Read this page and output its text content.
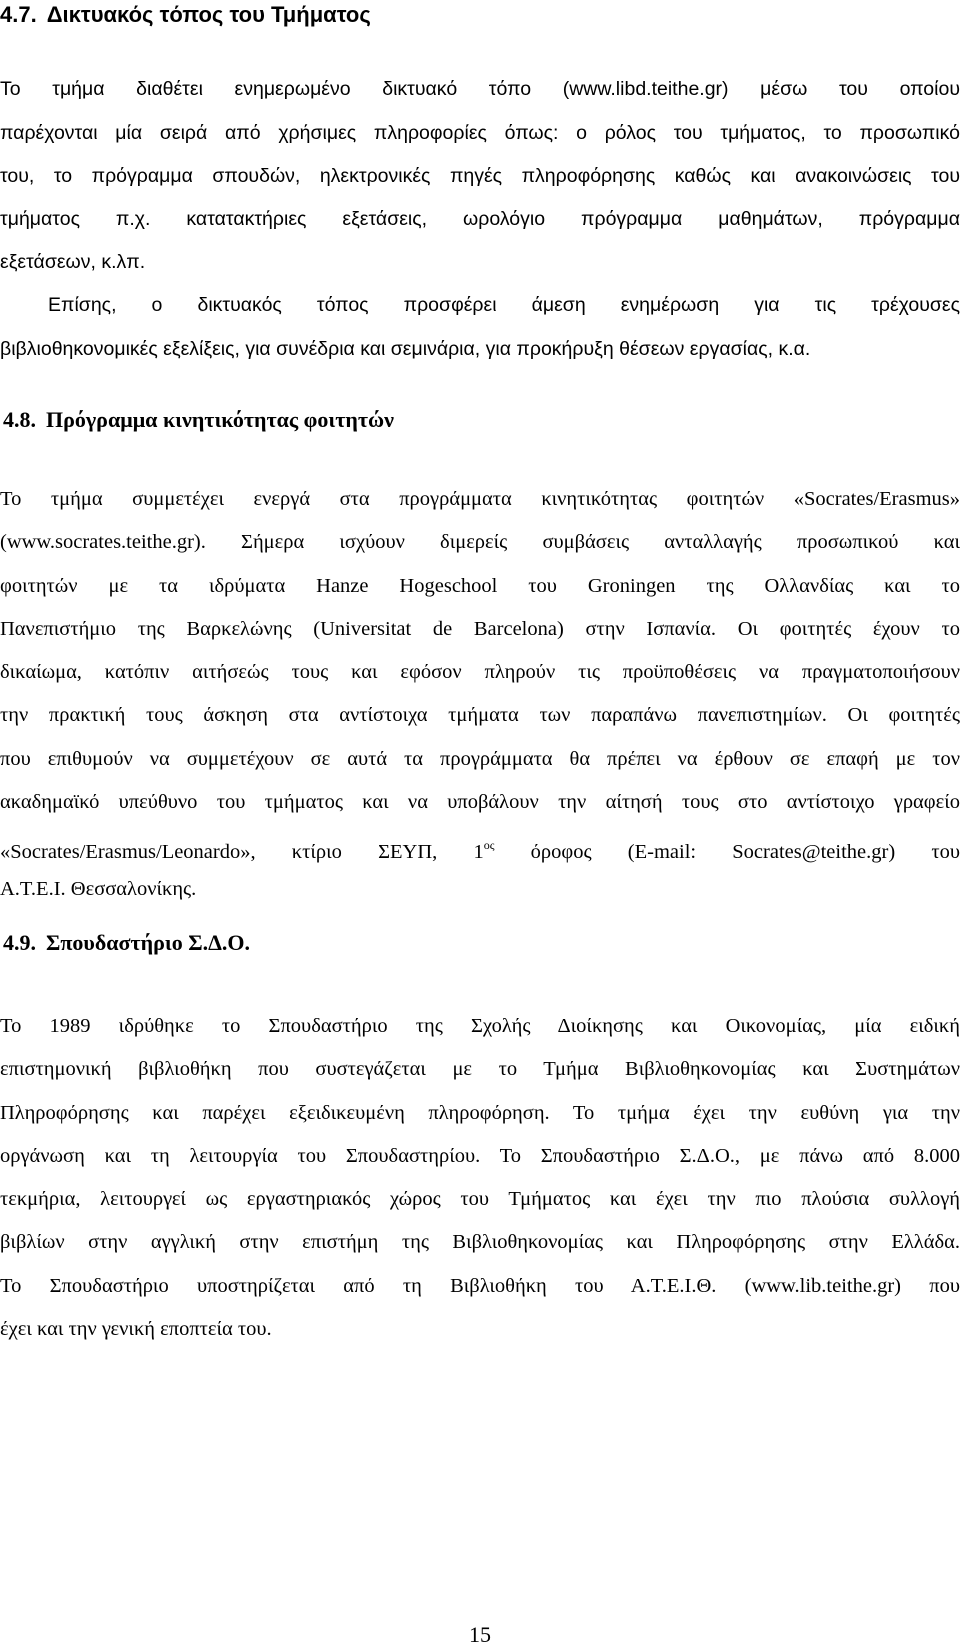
4.7. Δικτυακός τόπος του Τμήματος
Το τμήμα διαθέτει ενημερωμένο δικτυακό τόπο (www.libd.teithe.gr) μέσω του οποίου
παρέχονται μία σειρά από χρήσιμες πληροφορίες όπως: ο ρόλος του τμήματος, το προσωπικό
του, το πρόγραμμα σπουδών, ηλεκτρονικές πηγές πληροφόρησης καθώς και ανακοινώσεις του
τμήματος π.χ. κατατακτήριες εξετάσεις, ωρολόγιο πρόγραμμα μαθημάτων, πρόγραμμα
εξετάσεων, κ.λπ.
Επίσης, ο δικτυακός τόπος προσφέρει άμεση ενημέρωση για τις τρέχουσες
βιβλιοθηκονομικές εξελίξεις, για συνέδρια και σεμινάρια, για προκήρυξη θέσεων εργασίας, κ.α.
4.8. Πρόγραμμα κινητικότητας φοιτητών
Το τμήμα συμμετέχει ενεργά στα προγράμματα κινητικότητας φοιτητών «Socrates/Erasmus»
(www.socrates.teithe.gr). Σήμερα ισχύουν διμερείς συμβάσεις ανταλλαγής προσωπικού και
φοιτητών με τα ιδρύματα Hanze Hogeschool του Groningen της Ολλανδίας και το
Πανεπιστήμιο της Βαρκελώνης (Universitat de Barcelona) στην Ισπανία. Οι φοιτητές έχουν το
δικαίωμα, κατόπιν αιτήσεώς τους και εφόσον πληρούν τις προϋποθέσεις να πραγματοποιήσουν
την πρακτική τους άσκηση στα αντίστοιχα τμήματα των παραπάνω πανεπιστημίων. Οι φοιτητές
που επιθυμούν να συμμετέχουν σε αυτά τα προγράμματα θα πρέπει να έρθουν σε επαφή με τον
ακαδημαϊκό υπεύθυνο του τμήματος και να υποβάλουν την αίτησή τους στο αντίστοιχο γραφείο
«Socrates/Erasmus/Leonardo», κτίριο ΣΕΥΠ, $1^{o\varsigma}$ όροφος (E-mail: Socrates@teithe.gr) του
Α.Τ.Ε.Ι. Θεσσαλονίκης.
4.9. Σπουδαστήριο Σ.Δ.Ο.
Το 1989 ιδρύθηκε το Σπουδαστήριο της Σχολής Διοίκησης και Οικονομίας, μία ειδική
επιστημονική βιβλιοθήκη που συστεγάζεται με το Τμήμα Βιβλιοθηκονομίας και Συστημάτων
Πληροφόρησης και παρέχει εξειδικευμένη πληροφόρηση. Το τμήμα έχει την ευθύνη για την
οργάνωση και τη λειτουργία του Σπουδαστηρίου. Το Σπουδαστήριο Σ.Δ.Ο., με πάνω από 8.000
τεκμήρια, λειτουργεί ως εργαστηριακός χώρος του Τμήματος και έχει την πιο πλούσια συλλογή
βιβλίων στην αγγλική στην επιστήμη της Βιβλιοθηκονομίας και Πληροφόρησης στην Ελλάδα.
Το Σπουδαστήριο υποστηρίζεται από τη Βιβλιοθήκη του Α.Τ.Ε.Ι.Θ. (www.lib.teithe.gr) που
έχει και την γενική εποπτεία του.
15
